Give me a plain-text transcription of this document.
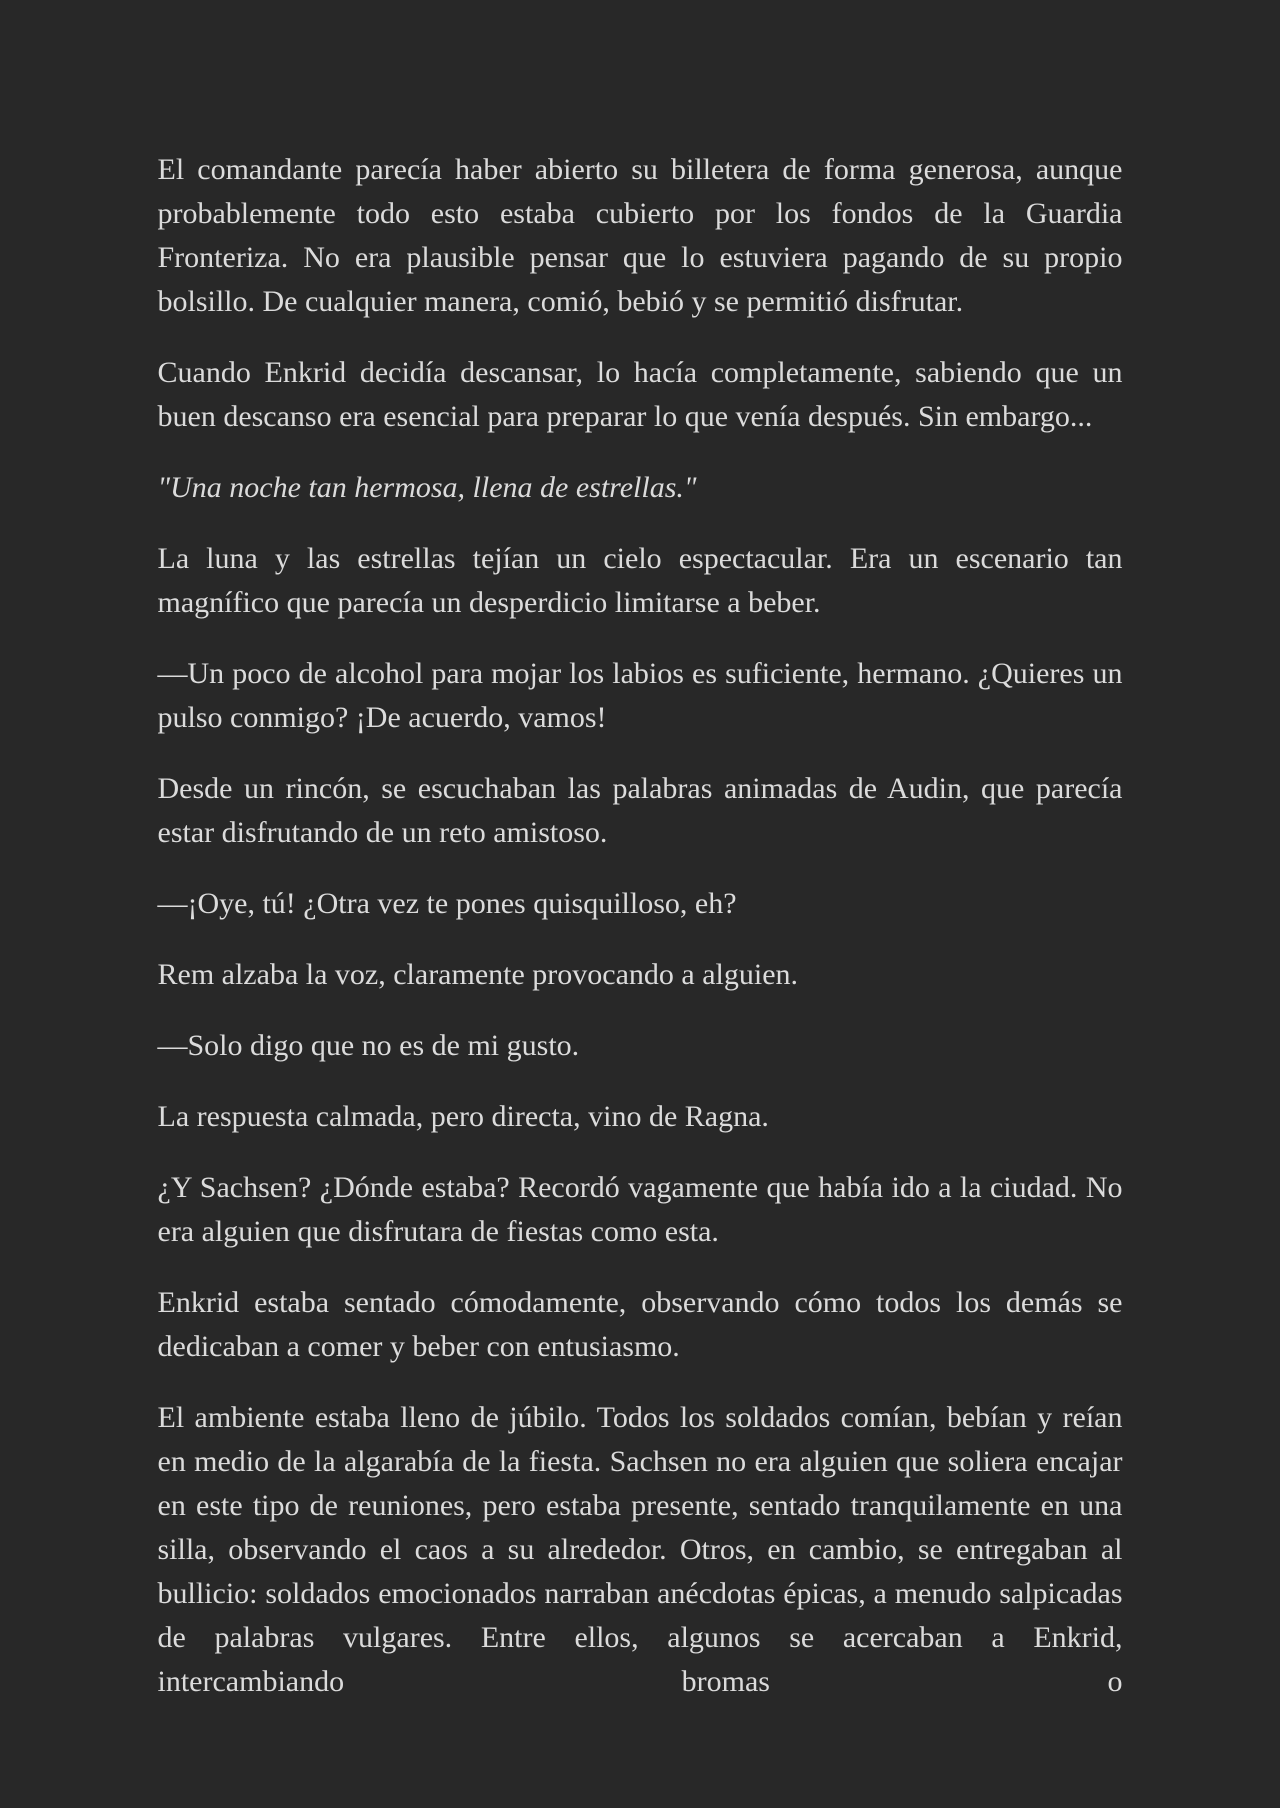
El comandante parecía haber abierto su billetera de forma generosa, aunque probablemente todo esto estaba cubierto por los fondos de la Guardia Fronteriza. No era plausible pensar que lo estuviera pagando de su propio bolsillo. De cualquier manera, comió, bebió y se permitió disfrutar.

Cuando Enkrid decidía descansar, lo hacía completamente, sabiendo que un buen descanso era esencial para preparar lo que venía después. Sin embargo...

"Una noche tan hermosa, llena de estrellas."

La luna y las estrellas tejían un cielo espectacular. Era un escenario tan magnífico que parecía un desperdicio limitarse a beber.

—Un poco de alcohol para mojar los labios es suficiente, hermano. ¿Quieres un pulso conmigo? ¡De acuerdo, vamos!

Desde un rincón, se escuchaban las palabras animadas de Audin, que parecía estar disfrutando de un reto amistoso.

—¡Oye, tú! ¿Otra vez te pones quisquilloso, eh?

Rem alzaba la voz, claramente provocando a alguien.

—Solo digo que no es de mi gusto.

La respuesta calmada, pero directa, vino de Ragna.

¿Y Sachsen? ¿Dónde estaba? Recordó vagamente que había ido a la ciudad. No era alguien que disfrutara de fiestas como esta.

Enkrid estaba sentado cómodamente, observando cómo todos los demás se dedicaban a comer y beber con entusiasmo.

El ambiente estaba lleno de júbilo. Todos los soldados comían, bebían y reían en medio de la algarabía de la fiesta. Sachsen no era alguien que soliera encajar en este tipo de reuniones, pero estaba presente, sentado tranquilamente en una silla, observando el caos a su alrededor. Otros, en cambio, se entregaban al bullicio: soldados emocionados narraban anécdotas épicas, a menudo salpicadas de palabras vulgares. Entre ellos, algunos se acercaban a Enkrid, intercambiando bromas o
